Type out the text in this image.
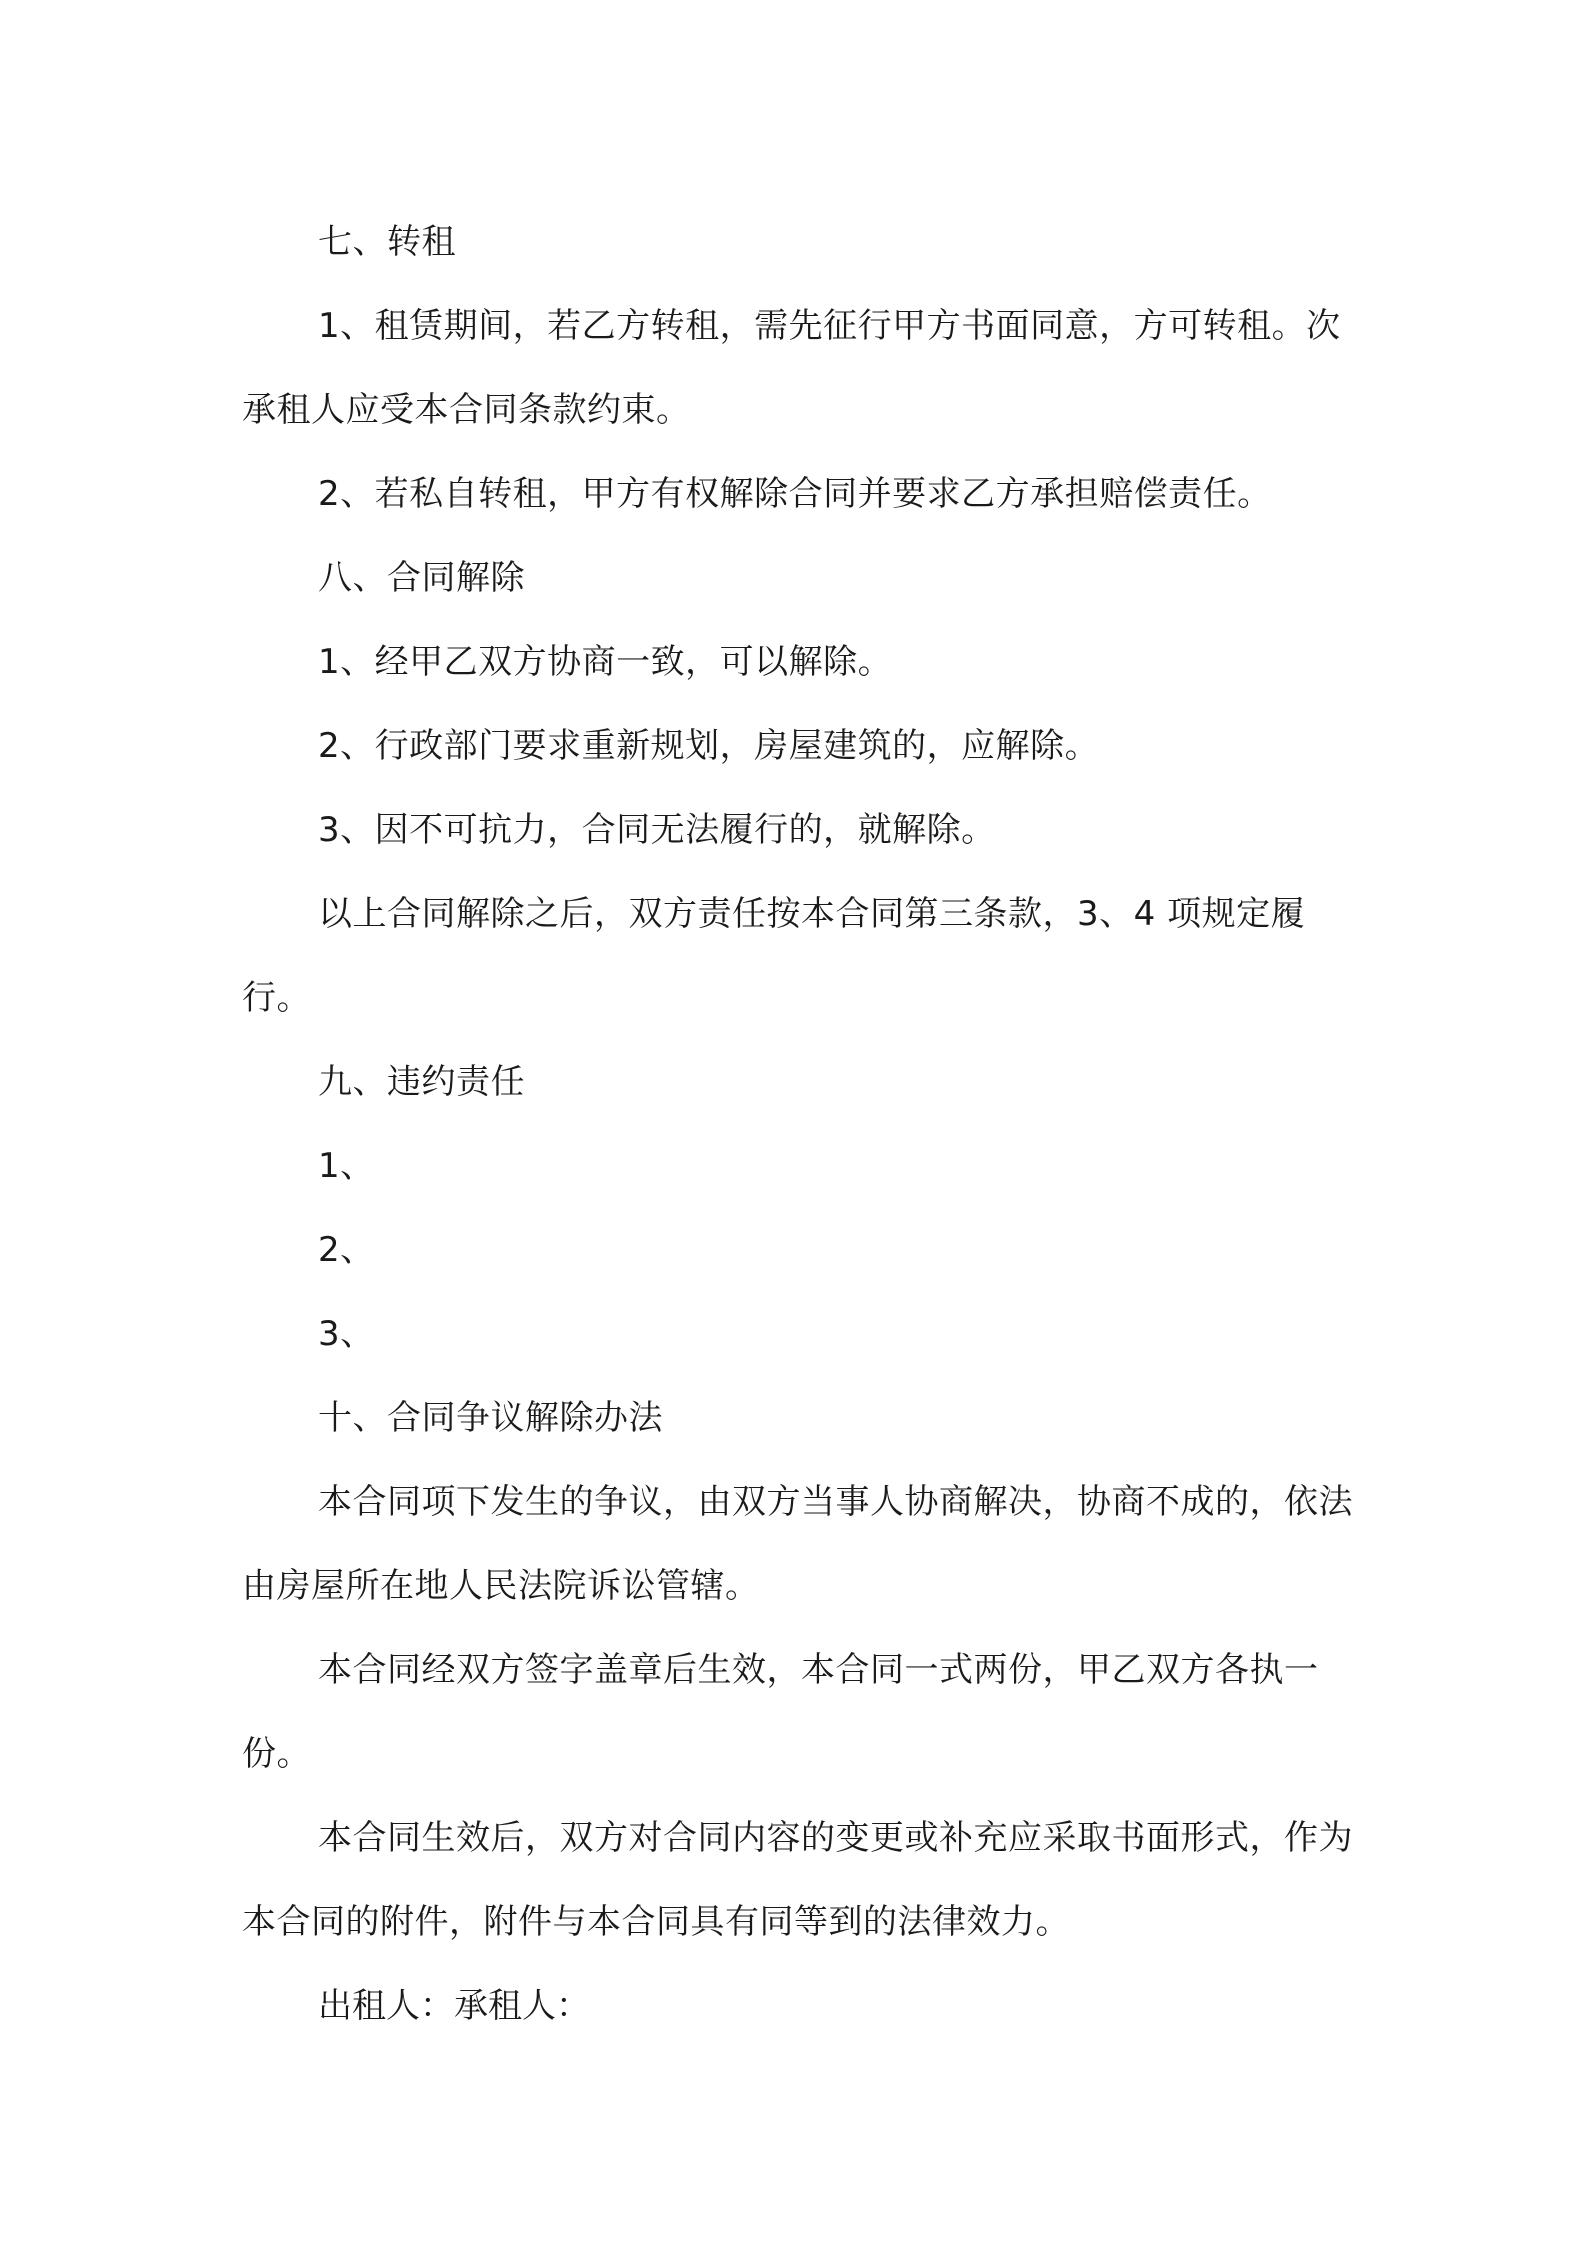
七、转租

1、租赁期间，若乙方转租，需先征行甲方书面同意，方可转租。次承租人应受本合同条款约束。

2、若私自转租，甲方有权解除合同并要求乙方承担赔偿责任。

八、合同解除

1、经甲乙双方协商一致，可以解除。

2、行政部门要求重新规划，房屋建筑的，应解除。

3、因不可抗力，合同无法履行的，就解除。

以上合同解除之后，双方责任按本合同第三条款，3、4 项规定履行。

九、违约责任

1、

2、

3、

十、合同争议解除办法

本合同项下发生的争议，由双方当事人协商解决，协商不成的，依法由房屋所在地人民法院诉讼管辖。

本合同经双方签字盖章后生效，本合同一式两份，甲乙双方各执一份。

本合同生效后，双方对合同内容的变更或补充应采取书面形式，作为本合同的附件，附件与本合同具有同等到的法律效力。

出租人：承租人：
